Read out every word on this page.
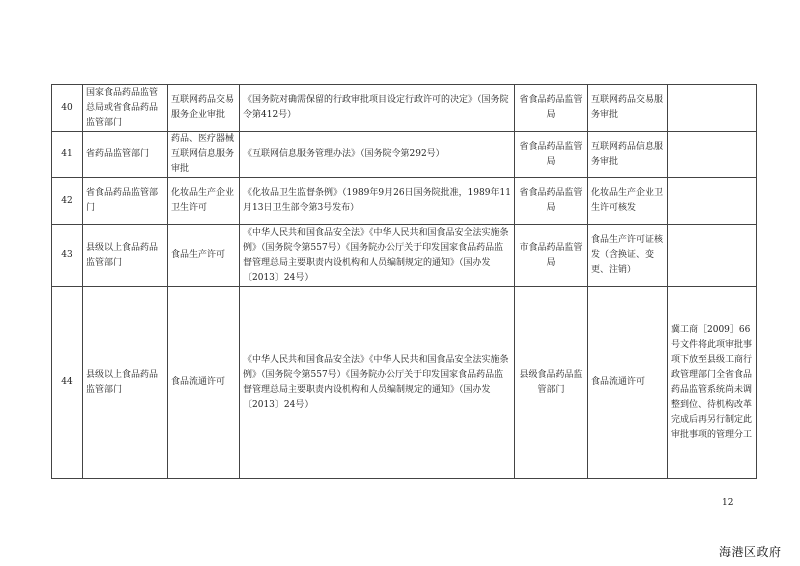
40	国家食品药品监管总局或省食品药品监管部门	互联网药品交易服务企业审批	《国务院对确需保留的行政审批项目设定行政许可的决定》（国务院令第412号）	省食品药品监管局	互联网药品交易服务审批	
41	省药品监管部门	药品、医疗器械互联网信息服务审批	《互联网信息服务管理办法》（国务院令第292号）	省食品药品监管局	互联网药品信息服务审批	
42	省食品药品监管部门	化妆品生产企业卫生许可	《化妆品卫生监督条例》（1989年9月26日国务院批准，1989年11月13日卫生部令第3号发布）	省食品药品监管局	化妆品生产企业卫生许可核发	
43	县级以上食品药品监管部门	食品生产许可	《中华人民共和国食品安全法》《中华人民共和国食品安全法实施条例》（国务院令第557号）《国务院办公厅关于印发国家食品药品监督管理总局主要职责内设机构和人员编制规定的通知》（国办发〔2013〕24号）	市食品药品监管局	食品生产许可证核发（含换证、变更、注销）	
44	县级以上食品药品监管部门	食品流通许可	《中华人民共和国食品安全法》《中华人民共和国食品安全法实施条例》（国务院令第557号）《国务院办公厅关于印发国家食品药品监督管理总局主要职责内设机构和人员编制规定的通知》（国办发〔2013〕24号）	县级食品药品监管部门	食品流通许可	冀工商［2009］66号文件将此项审批事项下放至县级工商行政管理部门全省食品药品监管系统尚未调整到位、待机构改革完成后再另行制定此审批事项的管理分工
12
海港区政府
